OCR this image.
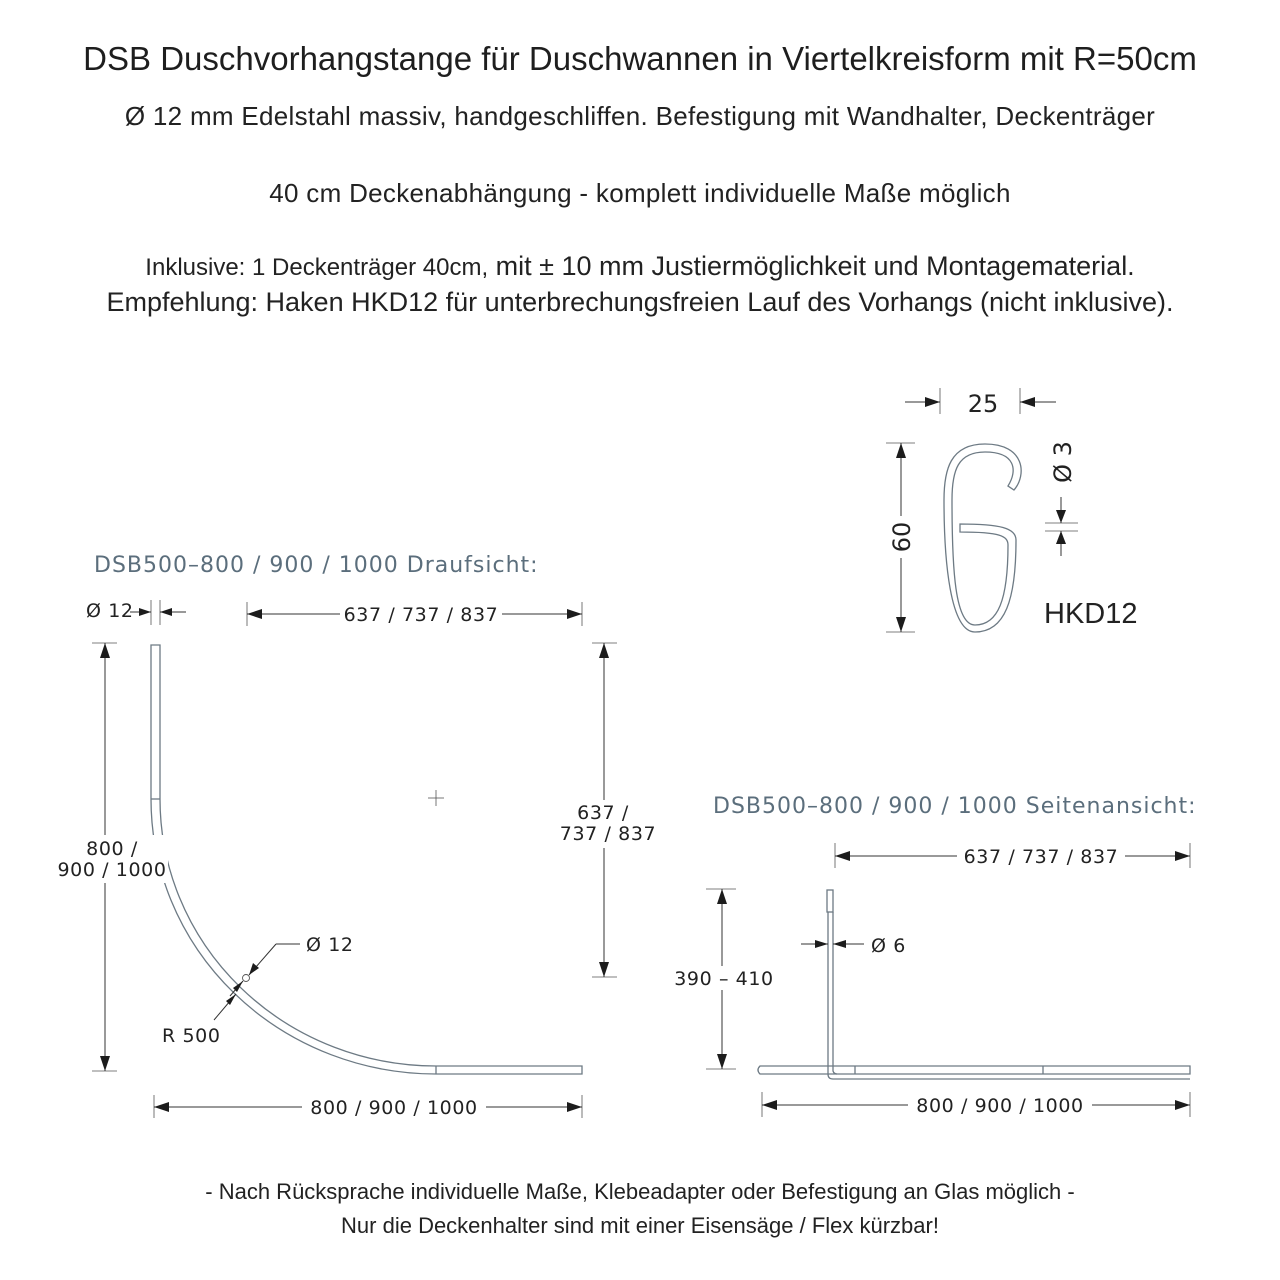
DSB Duschvorhangstange für Duschwannen in Viertelkreisform mit R=50cm
Ø 12 mm Edelstahl massiv, handgeschliffen. Befestigung mit Wandhalter, Deckenträger
40 cm Deckenabhängung - komplett individuelle Maße möglich
Inklusive: 1 Deckenträger 40cm, mit ± 10 mm Justiermöglichkeit und Montagematerial.
Empfehlung: Haken HKD12 für unterbrechungsfreien Lauf des Vorhangs (nicht inklusive).
DSB500–800 / 900 / 1000 Draufsicht:
Ø 12	637 / 737 / 837
800 /
900 / 1000
637 /
737 / 837
Ø 12
R 500
800 / 900 / 1000
25
60
Ø 3
HKD12
DSB500–800 / 900 / 1000 Seitenansicht:
637 / 737 / 837
390 – 410
Ø 6
800 / 900 / 1000
- Nach Rücksprache individuelle Maße, Klebeadapter oder Befestigung an Glas möglich -
Nur die Deckenhalter sind mit einer Eisensäge / Flex kürzbar!
